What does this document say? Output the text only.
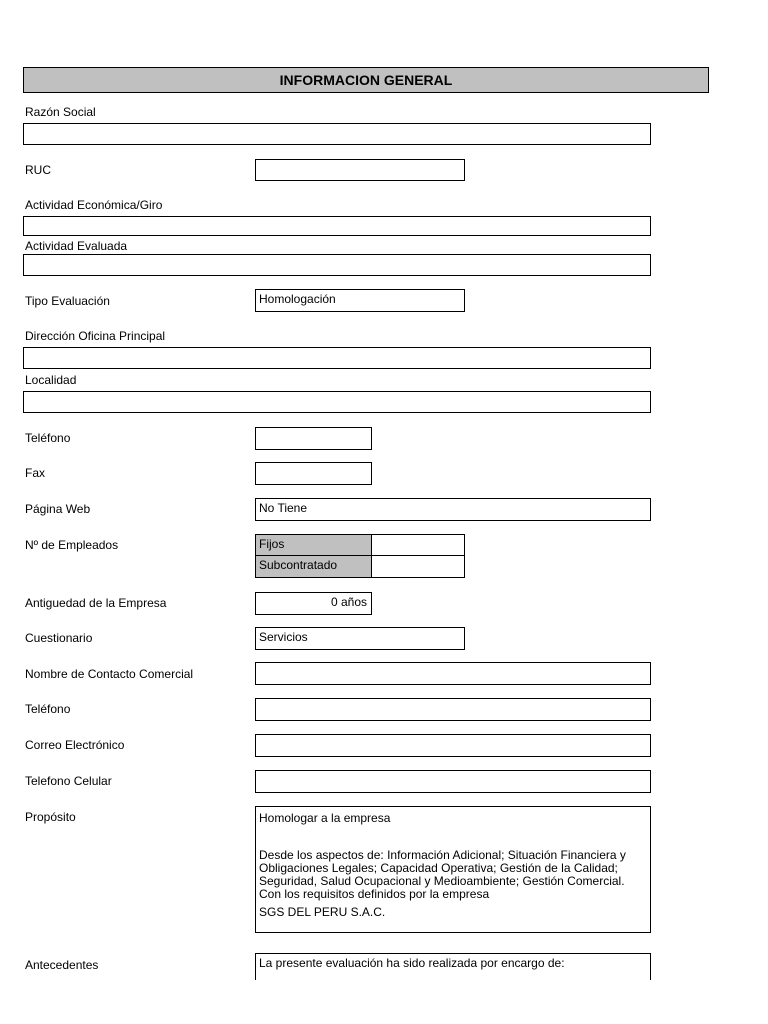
INFORMACION GENERAL
Razón Social
RUC
Actividad Económica/Giro
Actividad Evaluada
Tipo Evaluación	Homologación
Dirección Oficina Principal
Localidad
Teléfono
Fax
Página Web	No Tiene
Nº de Empleados	Fijos
Subcontratado
Antiguedad de la Empresa	0 años
Cuestionario	Servicios
Nombre de Contacto Comercial
Teléfono
Correo Electrónico
Telefono Celular
Propósito	Homologar a la empresa
Desde los aspectos de: Información Adicional; Situación Financiera y Obligaciones Legales; Capacidad Operativa; Gestión de la Calidad; Seguridad, Salud Ocupacional y Medioambiente; Gestión Comercial. Con los requisitos definidos por la empresa
SGS DEL PERU S.A.C.
Antecedentes	La presente evaluación ha sido realizada por encargo de:
